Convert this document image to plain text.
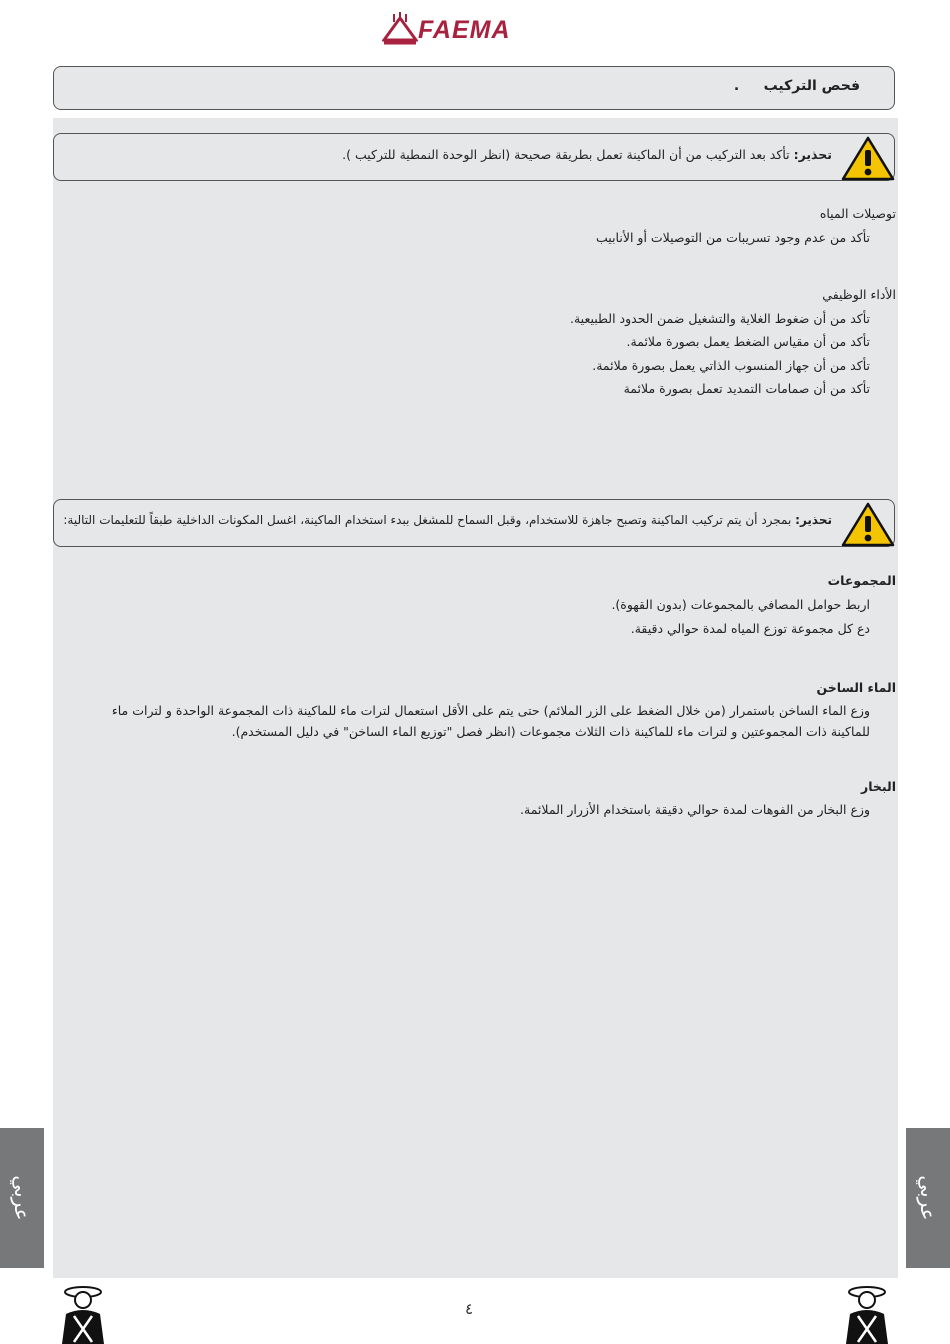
FAEMA
فحص التركيب     .
تحذير: تأكد بعد التركيب من أن الماكينة تعمل بطريقة صحيحة (انظر الوحدة النمطية للتركيب ).
توصيلات المياه
تأكد من عدم وجود تسريبات من التوصيلات أو الأنابيب
الأداء الوظيفي
تأكد من أن ضغوط الغلاية والتشغيل ضمن الحدود الطبيعية.
تأكد من أن مقياس الضغط يعمل بصورة ملائمة.
تأكد من أن جهاز المنسوب الذاتي يعمل بصورة ملائمة.
تأكد من أن صمامات التمديد تعمل بصورة ملائمة
تحذير: بمجرد أن يتم تركيب الماكينة وتصبح جاهزة للاستخدام، وقبل السماح للمشغل ببدء استخدام الماكينة، اغسل المكونات الداخلية طبقاً للتعليمات التالية:
المجموعات
اربط حوامل المصافي بالمجموعات (بدون القهوة).
دع كل مجموعة توزع المياه لمدة حوالي دقيقة.
الماء الساخن
وزع الماء الساخن باستمرار (من خلال الضغط على الزر الملائم) حتى يتم على الأقل استعمال لترات ماء للماكينة ذات المجموعة الواحدة و لترات ماء للماكينة ذات المجموعتين و لترات ماء للماكينة ذات الثلاث مجموعات (انظر فصل "توزيع الماء الساخن" في دليل المستخدم).
البخار
وزع البخار من الفوهات لمدة حوالي دقيقة باستخدام الأزرار الملائمة.
عربي	عربي
٤
